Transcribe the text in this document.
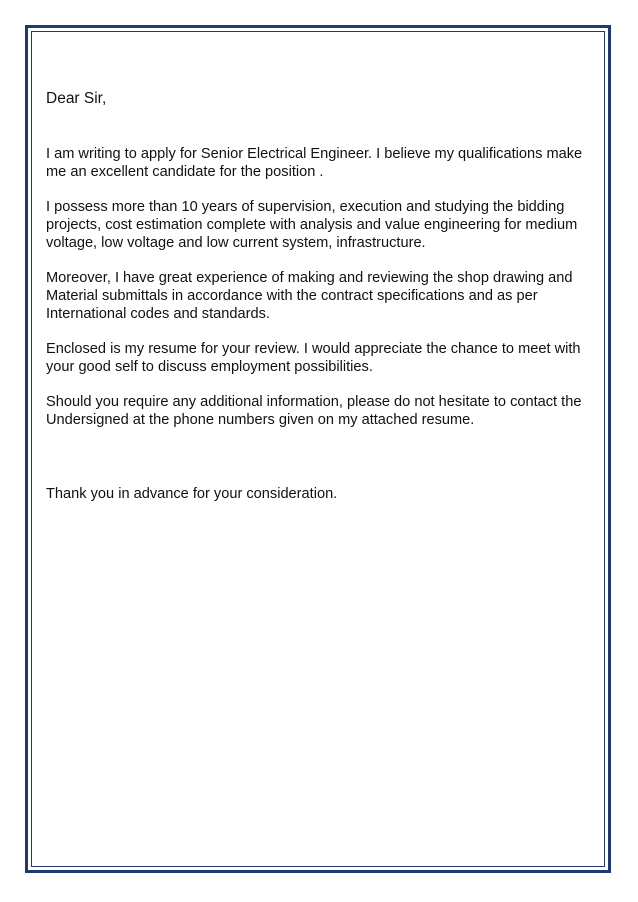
Dear Sir,

I am writing to apply for Senior Electrical Engineer. I believe my qualifications make me an excellent candidate for the position .

I possess more than 10 years of supervision, execution and studying the bidding projects, cost estimation complete with analysis and value engineering for medium voltage, low voltage and low current system, infrastructure.

Moreover, I have great experience of making and reviewing the shop drawing and Material submittals in accordance with the contract specifications and as per International codes and standards.

Enclosed is my resume for your review. I would appreciate the chance to meet with your good self to discuss employment possibilities.

Should you require any additional information, please do not hesitate to contact the Undersigned at the phone numbers given on my attached resume.

Thank you in advance for your consideration.
